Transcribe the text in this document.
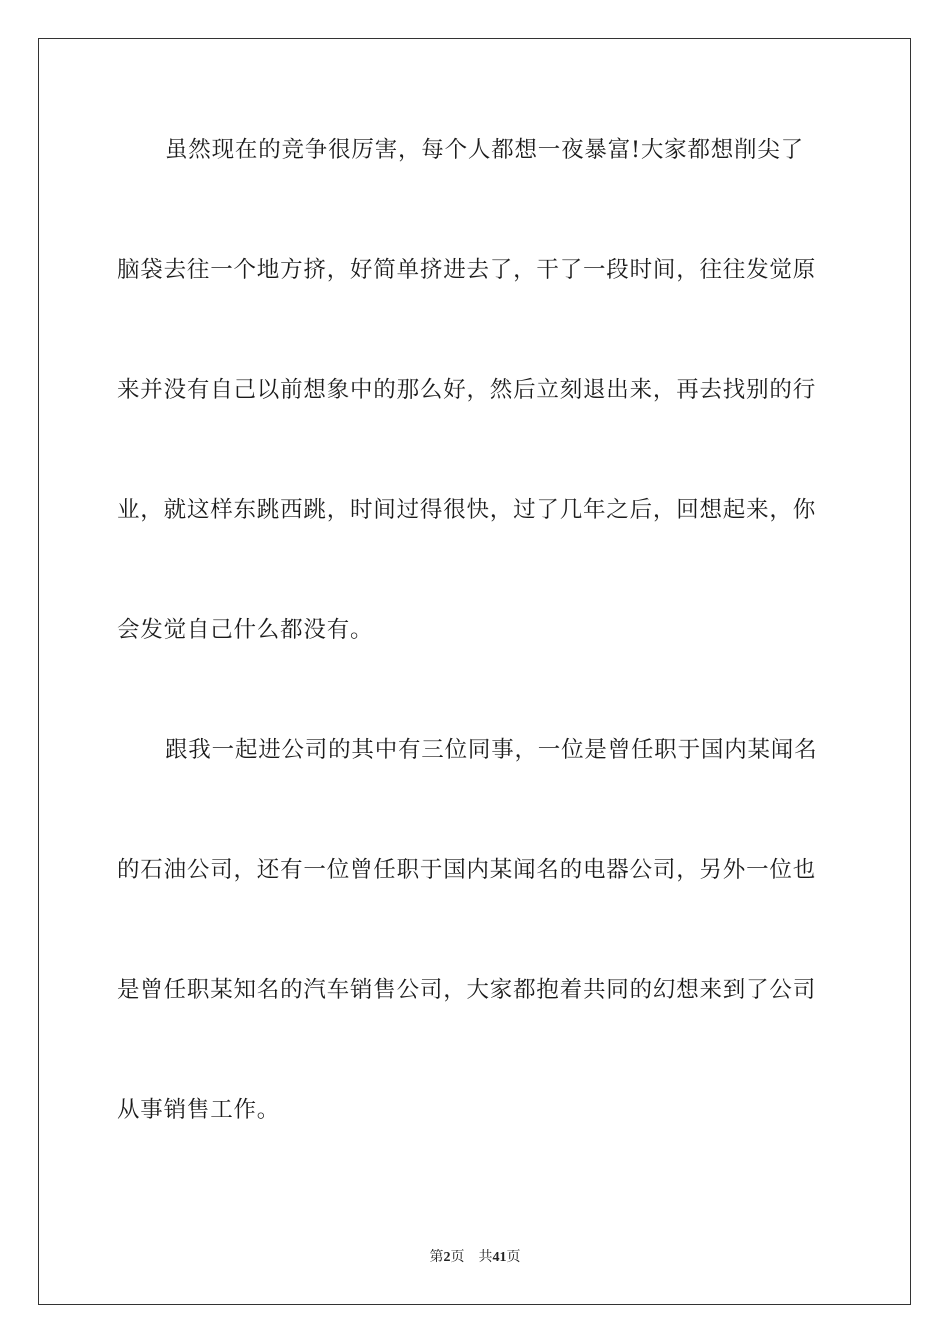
虽然现在的竞争很厉害，每个人都想一夜暴富!大家都想削尖了
脑袋去往一个地方挤，好简单挤进去了，干了一段时间，往往发觉原
来并没有自己以前想象中的那么好，然后立刻退出来，再去找别的行
业，就这样东跳西跳，时间过得很快，过了几年之后，回想起来，你
会发觉自己什么都没有。
跟我一起进公司的其中有三位同事，一位是曾任职于国内某闻名
的石油公司，还有一位曾任职于国内某闻名的电器公司，另外一位也
是曾任职某知名的汽车销售公司，大家都抱着共同的幻想来到了公司
从事销售工作。
第2页 共41页
